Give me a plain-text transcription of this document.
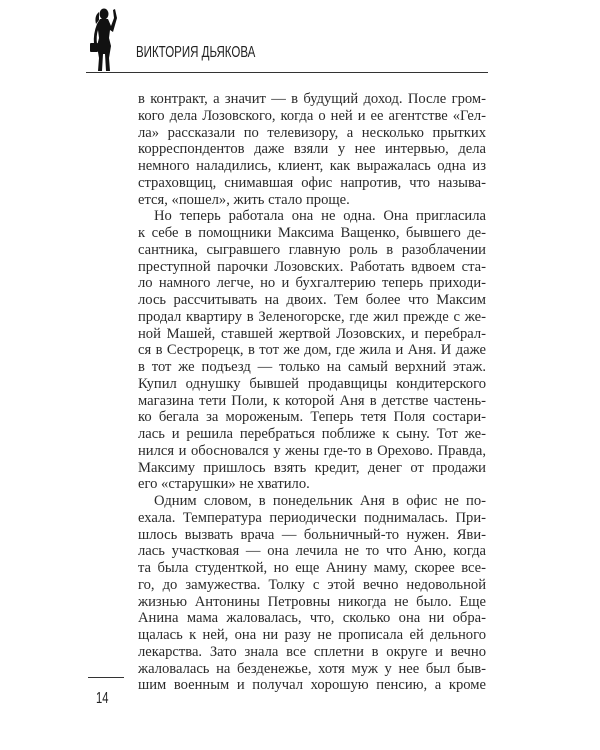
ВИКТОРИЯ ДЬЯКОВА
в контракт, а значит — в будущий доход. После гром-
кого дела Лозовского, когда о ней и ее агентстве «Гел-
ла» рассказали по телевизору, а несколько прытких
корреспондентов даже взяли у нее интервью, дела
немного наладились, клиент, как выражалась одна из
страховщиц, снимавшая офис напротив, что называ-
ется, «пошел», жить стало проще.
Но теперь работала она не одна. Она пригласила
к себе в помощники Максима Ващенко, бывшего де-
сантника, сыгравшего главную роль в разоблачении
преступной парочки Лозовских. Работать вдвоем ста-
ло намного легче, но и бухгалтерию теперь приходи-
лось рассчитывать на двоих. Тем более что Максим
продал квартиру в Зеленогорске, где жил прежде с же-
ной Машей, ставшей жертвой Лозовских, и перебрал-
ся в Сестрорецк, в тот же дом, где жила и Аня. И даже
в тот же подъезд — только на самый верхний этаж.
Купил однушку бывшей продавщицы кондитерского
магазина тети Поли, к которой Аня в детстве частень-
ко бегала за мороженым. Теперь тетя Поля состари-
лась и решила перебраться поближе к сыну. Тот же-
нился и обосновался у жены где-то в Орехово. Правда,
Максиму пришлось взять кредит, денег от продажи
его «старушки» не хватило.
Одним словом, в понедельник Аня в офис не по-
ехала. Температура периодически поднималась. При-
шлось вызвать врача — больничный-то нужен. Яви-
лась участковая — она лечила не то что Аню, когда
та была студенткой, но еще Анину маму, скорее все-
го, до замужества. Толку с этой вечно недовольной
жизнью Антонины Петровны никогда не было. Еще
Анина мама жаловалась, что, сколько она ни обра-
щалась к ней, она ни разу не прописала ей дельного
лекарства. Зато знала все сплетни в округе и вечно
жаловалась на безденежье, хотя муж у нее был быв-
шим военным и получал хорошую пенсию, а кроме
14
